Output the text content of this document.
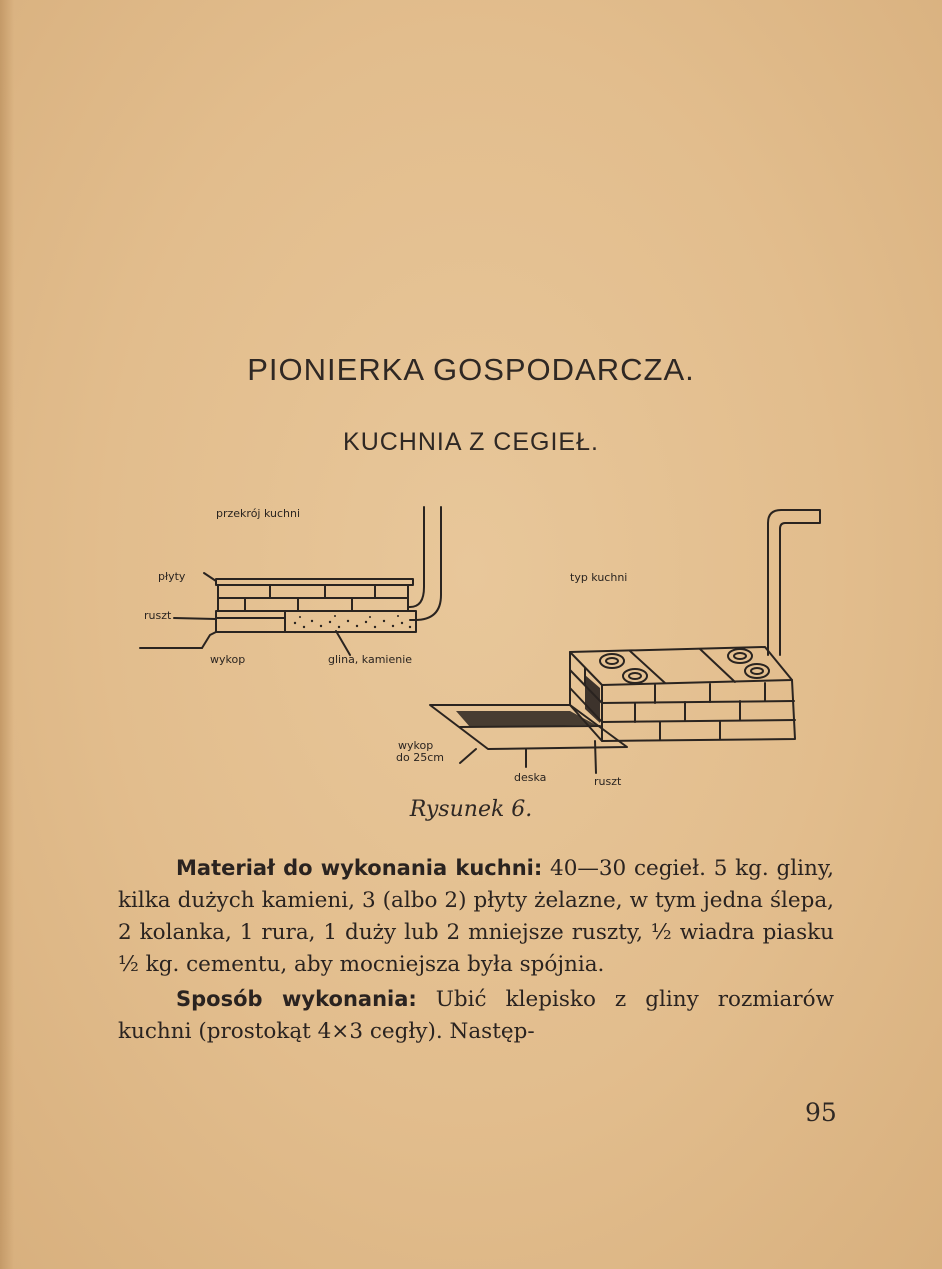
PIONIERKA GOSPODARCZA.
KUCHNIA Z CEGIEŁ.
przekrój kuchni
płyty
ruszt
wykop	glina, kamienie
typ kuchni
wykop
do 25cm
deska	ruszt
Rysunek 6.

Materiał do wykonania kuchni: 40—30 cegieł. 5 kg. gliny, kilka dużych kamieni, 3 (albo 2) płyty żelazne, w tym jedna ślepa, 2 kolanka, 1 rura, 1 duży lub 2 mniejsze ruszty, ½ wiadra piasku ½ kg. cementu, aby mocniejsza była spójnia.

Sposób wykonania: Ubić klepisko z gliny rozmiarów kuchni (prostokąt 4×3 cegły). Następ-

95
